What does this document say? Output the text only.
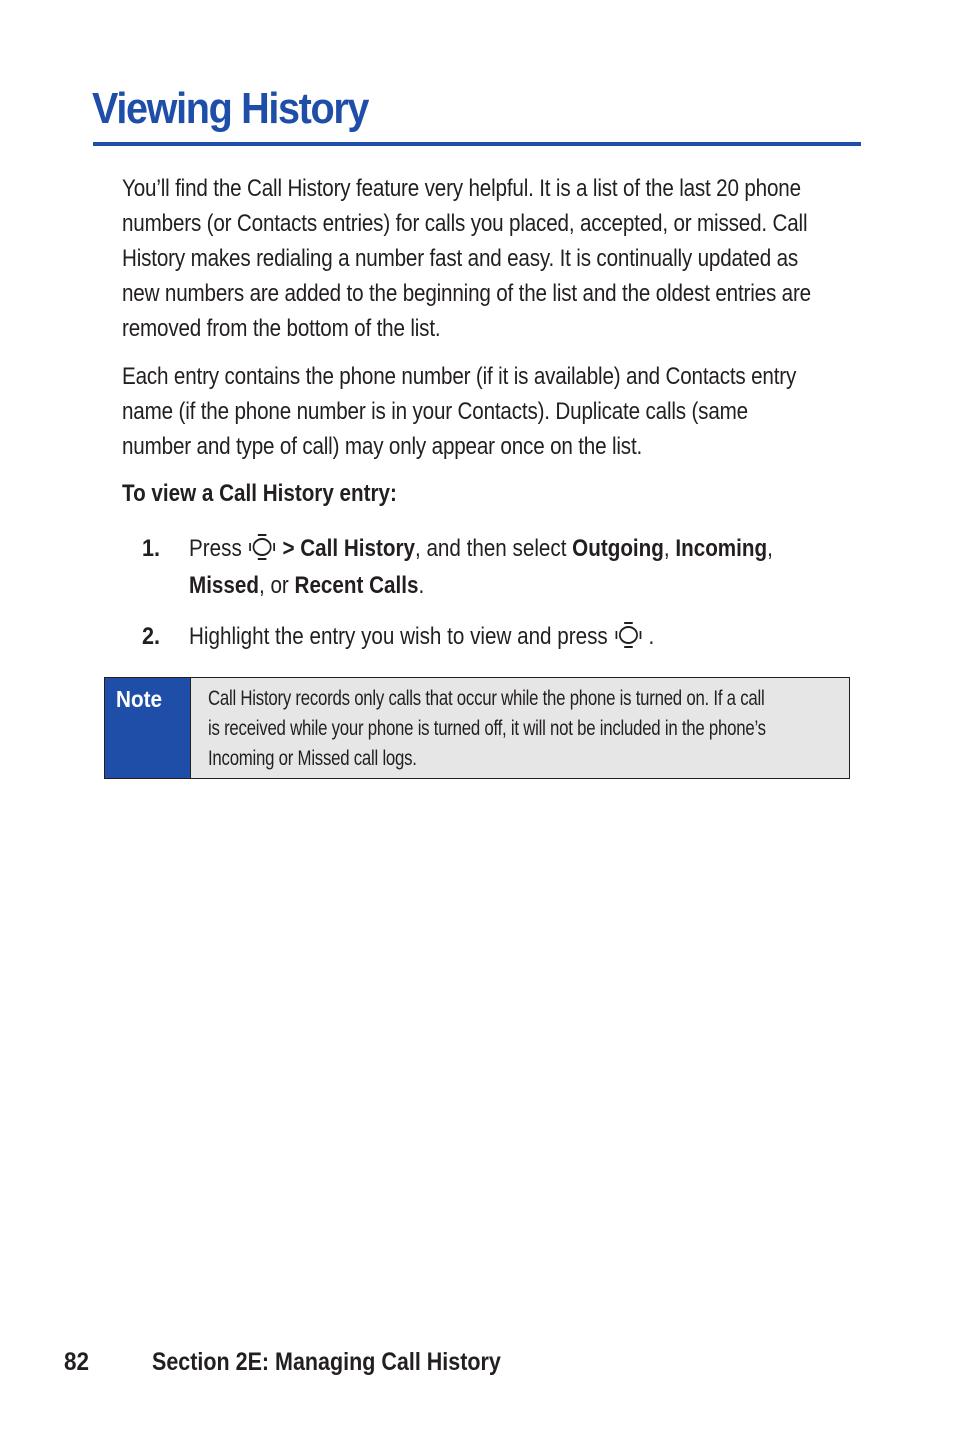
Viewing History

You’ll find the Call History feature very helpful. It is a list of the last 20 phone
numbers (or Contacts entries) for calls you placed, accepted, or missed. Call
History makes redialing a number fast and easy. It is continually updated as
new numbers are added to the beginning of the list and the oldest entries are
removed from the bottom of the list.

Each entry contains the phone number (if it is available) and Contacts entry
name (if the phone number is in your Contacts). Duplicate calls (same
number and type of call) may only appear once on the list.

To view a Call History entry:
1. Press > Call History, and then select Outgoing, Incoming,
Missed, or Recent Calls.
2. Highlight the entry you wish to view and press .
Note Call History records only calls that occur while the phone is turned on. If a call
is received while your phone is turned off, it will not be included in the phone’s
Incoming or Missed call logs.
82	Section 2E: Managing Call History
